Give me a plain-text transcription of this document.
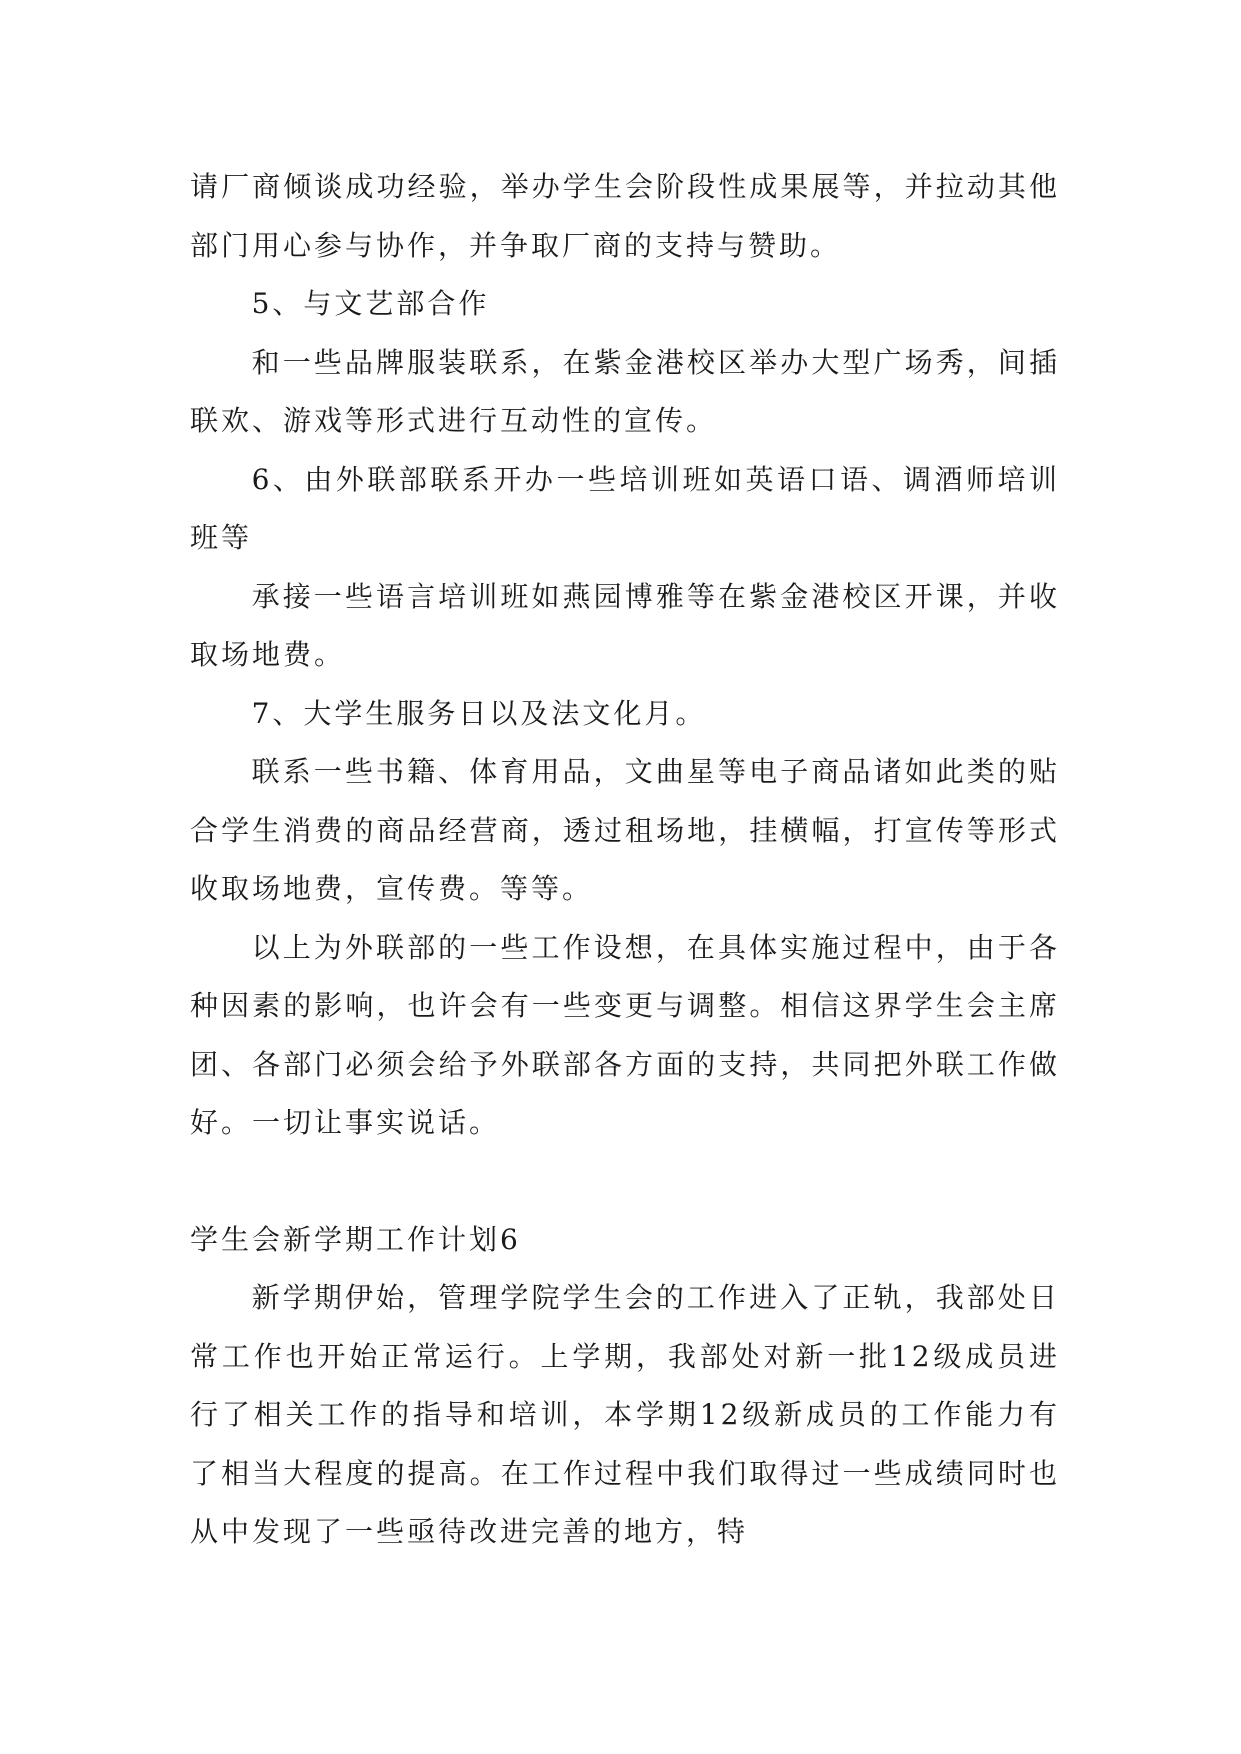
请厂商倾谈成功经验，举办学生会阶段性成果展等，并拉动其他部门用心参与协作，并争取厂商的支持与赞助。

5、与文艺部合作

和一些品牌服装联系，在紫金港校区举办大型广场秀，间插联欢、游戏等形式进行互动性的宣传。

6、由外联部联系开办一些培训班如英语口语、调酒师培训班等

承接一些语言培训班如燕园博雅等在紫金港校区开课，并收取场地费。

7、大学生服务日以及法文化月。

联系一些书籍、体育用品，文曲星等电子商品诸如此类的贴合学生消费的商品经营商，透过租场地，挂横幅，打宣传等形式收取场地费，宣传费。等等。

以上为外联部的一些工作设想，在具体实施过程中，由于各种因素的影响，也许会有一些变更与调整。相信这界学生会主席团、各部门必须会给予外联部各方面的支持，共同把外联工作做好。一切让事实说话。

学生会新学期工作计划6

新学期伊始，管理学院学生会的工作进入了正轨，我部处日常工作也开始正常运行。上学期，我部处对新一批12级成员进行了相关工作的指导和培训，本学期12级新成员的工作能力有了相当大程度的提高。在工作过程中我们取得过一些成绩同时也从中发现了一些亟待改进完善的地方，特
